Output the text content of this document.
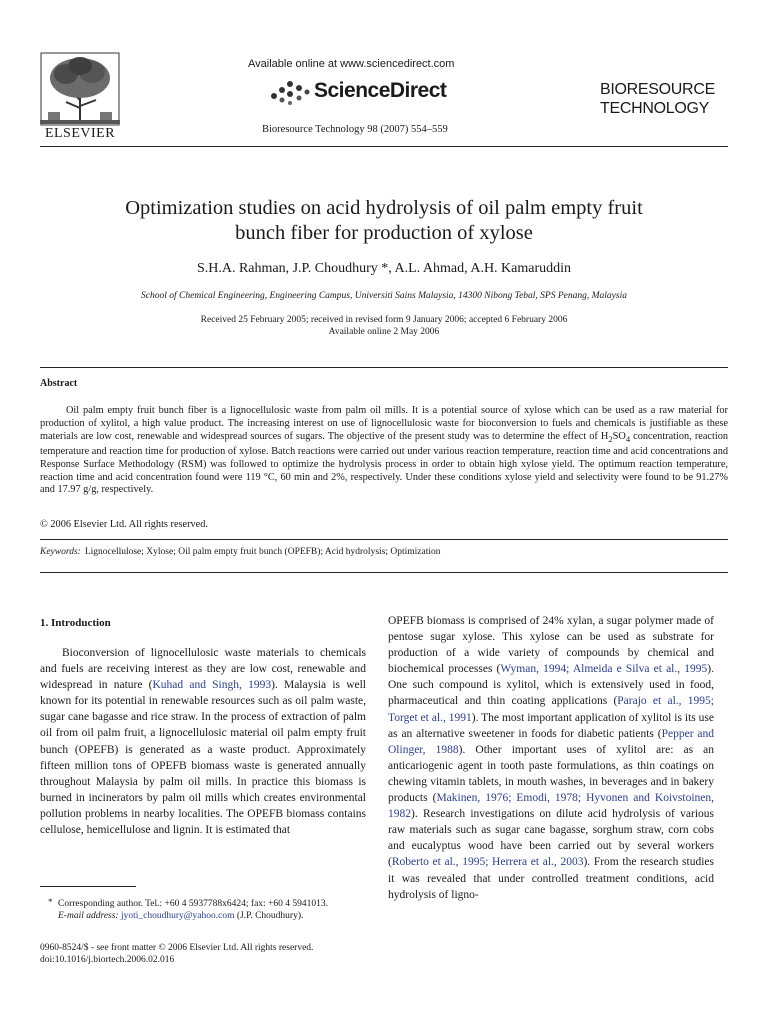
ELSEVIER
Available online at www.sciencedirect.com
ScienceDirect
Bioresource Technology 98 (2007) 554–559
BIORESOURCE
TECHNOLOGY
Optimization studies on acid hydrolysis of oil palm empty fruit
bunch fiber for production of xylose
S.H.A. Rahman, J.P. Choudhury *, A.L. Ahmad, A.H. Kamaruddin
School of Chemical Engineering, Engineering Campus, Universiti Sains Malaysia, 14300 Nibong Tebal, SPS Penang, Malaysia
Received 25 February 2005; received in revised form 9 January 2006; accepted 6 February 2006
Available online 2 May 2006
Abstract

Oil palm empty fruit bunch fiber is a lignocellulosic waste from palm oil mills. It is a potential source of xylose which can be used as a raw material for production of xylitol, a high value product. The increasing interest on use of lignocellulosic waste for bioconversion to fuels and chemicals is justifiable as these materials are low cost, renewable and widespread sources of sugars. The objective of the present study was to determine the effect of $H_2SO_4$ concentration, reaction temperature and reaction time for production of xylose. Batch reactions were carried out under various reaction temperature, reaction time and acid concentrations and Response Surface Methodology (RSM) was followed to optimize the hydrolysis process in order to obtain high xylose yield. The optimum reaction temperature, reaction time and acid concentration found were 119 °C, 60 min and 2%, respectively. Under these conditions xylose yield and selectivity were found to be 91.27% and 17.97 g/g, respectively.

© 2006 Elsevier Ltd. All rights reserved.
Keywords: Lignocellulose; Xylose; Oil palm empty fruit bunch (OPEFB); Acid hydrolysis; Optimization
1. Introduction

Bioconversion of lignocellulosic waste materials to chemicals and fuels are receiving interest as they are low cost, renewable and widespread in nature (Kuhad and Singh, 1993). Malaysia is well known for its potential in renewable resources such as oil palm waste, sugar cane bagasse and rice straw. In the process of extraction of palm oil from oil palm fruit, a lignocellulosic material oil palm empty fruit bunch (OPEFB) is generated as a waste product. Approximately fifteen million tons of OPEFB biomass waste is generated annually throughout Malaysia by palm oil mills. In practice this biomass is burned in incinerators by palm oil mills which creates environmental pollution problems in nearby localities. The OPEFB biomass contains cellulose, hemicellulose and lignin. It is estimated that

OPEFB biomass is comprised of 24% xylan, a sugar polymer made of pentose sugar xylose. This xylose can be used as substrate for production of a wide variety of compounds by chemical and biochemical processes (Wyman, 1994; Almeida e Silva et al., 1995). One such compound is xylitol, which is extensively used in food, pharmaceutical and thin coating applications (Parajo et al., 1995; Torget et al., 1991). The most important application of xylitol is its use as an alternative sweetener in foods for diabetic patients (Pepper and Olinger, 1988). Other important uses of xylitol are: as an anticariogenic agent in tooth paste formulations, as thin coatings on chewing vitamin tablets, in mouth washes, in beverages and in bakery products (Makinen, 1976; Emodi, 1978; Hyvonen and Koivstoinen, 1982). Research investigations on dilute acid hydrolysis of various raw materials such as sugar cane bagasse, sorghum straw, corn cobs and eucalyptus wood have been carried out by several workers (Roberto et al., 1995; Herrera et al., 2003). From the research studies it was revealed that under controlled treatment conditions, acid hydrolysis of ligno-

* Corresponding author. Tel.: +60 4 5937788x6424; fax: +60 4 5941013.
E-mail address: jyoti_choudhury@yahoo.com (J.P. Choudhury).
0960-8524/$ - see front matter © 2006 Elsevier Ltd. All rights reserved.
doi:10.1016/j.biortech.2006.02.016
